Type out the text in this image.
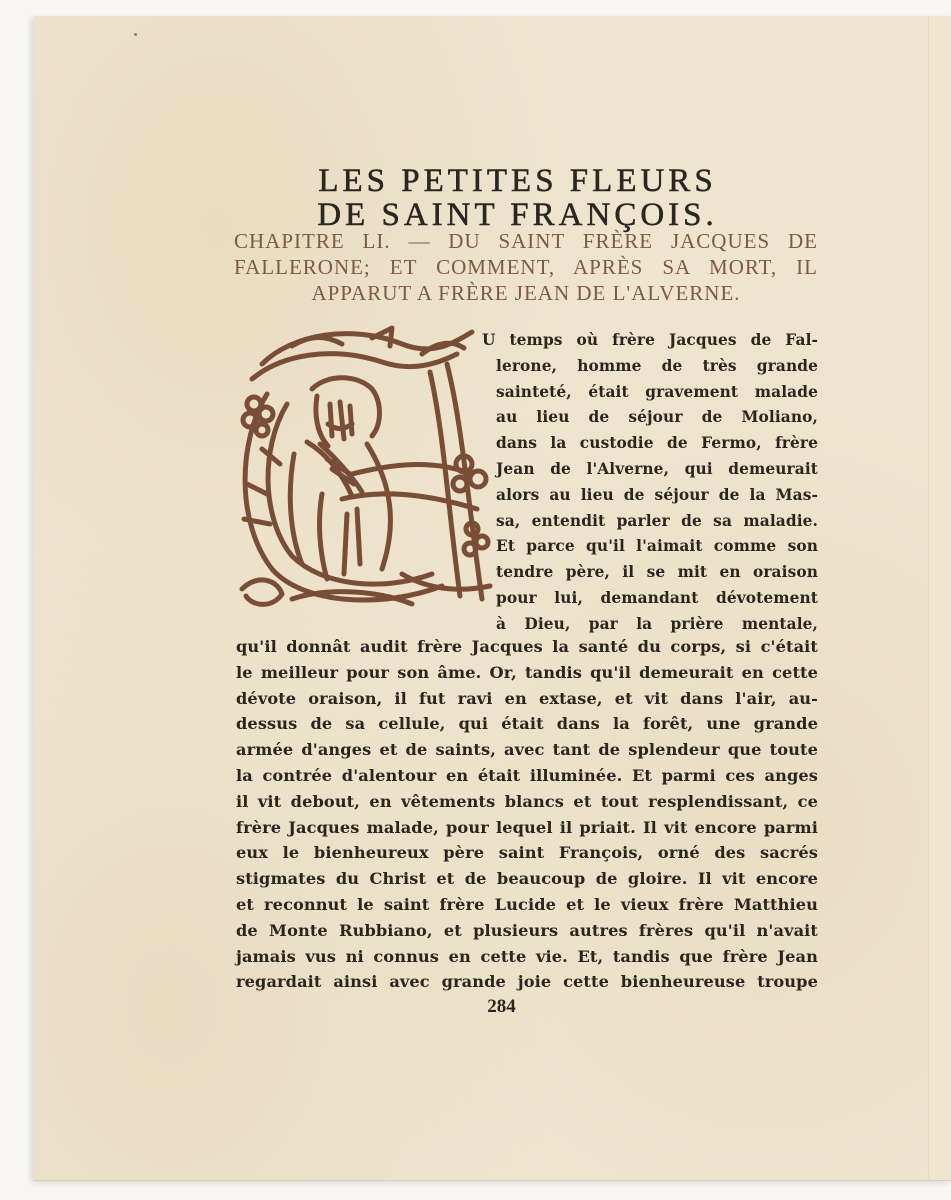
LES PETITES FLEURS
DE SAINT FRANÇOIS.
CHAPITRE LI. — DU SAINT FRÈRE JACQUES DE
FALLERONE; ET COMMENT, APRÈS SA MORT, IL
APPARUT A FRÈRE JEAN DE L'ALVERNE.
U temps où frère Jacques de Fal-
lerone, homme de très grande
sainteté, était gravement malade
au lieu de séjour de Moliano,
dans la custodie de Fermo, frère
Jean de l'Alverne, qui demeurait
alors au lieu de séjour de la Mas-
sa, entendit parler de sa maladie.
Et parce qu'il l'aimait comme son
tendre père, il se mit en oraison
pour lui, demandant dévotement
à Dieu, par la prière mentale,
qu'il donnât audit frère Jacques la santé du corps, si c'était
le meilleur pour son âme. Or, tandis qu'il demeurait en cette
dévote oraison, il fut ravi en extase, et vit dans l'air, au-
dessus de sa cellule, qui était dans la forêt, une grande
armée d'anges et de saints, avec tant de splendeur que toute
la contrée d'alentour en était illuminée. Et parmi ces anges
il vit debout, en vêtements blancs et tout resplendissant, ce
frère Jacques malade, pour lequel il priait. Il vit encore parmi
eux le bienheureux père saint François, orné des sacrés
stigmates du Christ et de beaucoup de gloire. Il vit encore
et reconnut le saint frère Lucide et le vieux frère Matthieu
de Monte Rubbiano, et plusieurs autres frères qu'il n'avait
jamais vus ni connus en cette vie. Et, tandis que frère Jean
regardait ainsi avec grande joie cette bienheureuse troupe
284
